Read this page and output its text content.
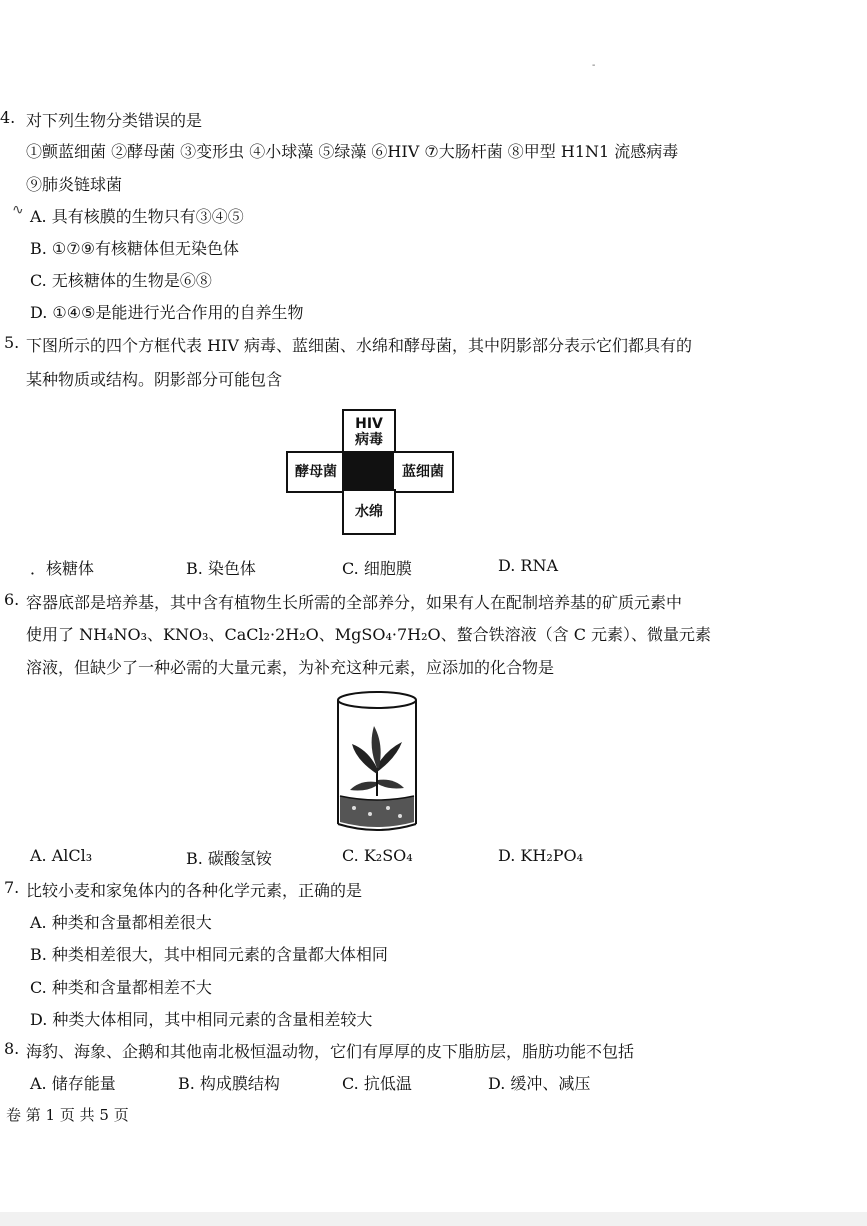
-
4. 对下列生物分类错误的是
①颤蓝细菌 ②酵母菌 ③变形虫 ④小球藻 ⑤绿藻 ⑥HIV ⑦大肠杆菌 ⑧甲型 H1N1 流感病毒
⑨肺炎链球菌
∿ A. 具有核膜的生物只有③④⑤
B. ①⑦⑨有核糖体但无染色体
C. 无核糖体的生物是⑥⑧
D. ①④⑤是能进行光合作用的自养生物
5. 下图所示的四个方框代表 HIV 病毒、蓝细菌、水绵和酵母菌，其中阴影部分表示它们都具有的
某种物质或结构。阴影部分可能包含
HIV
病毒
酵母菌	蓝细菌
水绵
．核糖体	B. 染色体	C. 细胞膜	D. RNA
6. 容器底部是培养基，其中含有植物生长所需的全部养分，如果有人在配制培养基的矿质元素中
使用了 NH₄NO₃、KNO₃、CaCl₂·2H₂O、MgSO₄·7H₂O、螯合铁溶液（含 C 元素）、微量元素
溶液，但缺少了一种必需的大量元素，为补充这种元素，应添加的化合物是
A. AlCl₃	B. 碳酸氢铵	C. K₂SO₄	D. KH₂PO₄
7. 比较小麦和家兔体内的各种化学元素，正确的是
A. 种类和含量都相差很大
B. 种类相差很大，其中相同元素的含量都大体相同
C. 种类和含量都相差不大
D. 种类大体相同，其中相同元素的含量相差较大
8. 海豹、海象、企鹅和其他南北极恒温动物，它们有厚厚的皮下脂肪层，脂肪功能不包括
A. 储存能量	B. 构成膜结构	C. 抗低温	D. 缓冲、减压
卷 第 1 页 共 5 页
